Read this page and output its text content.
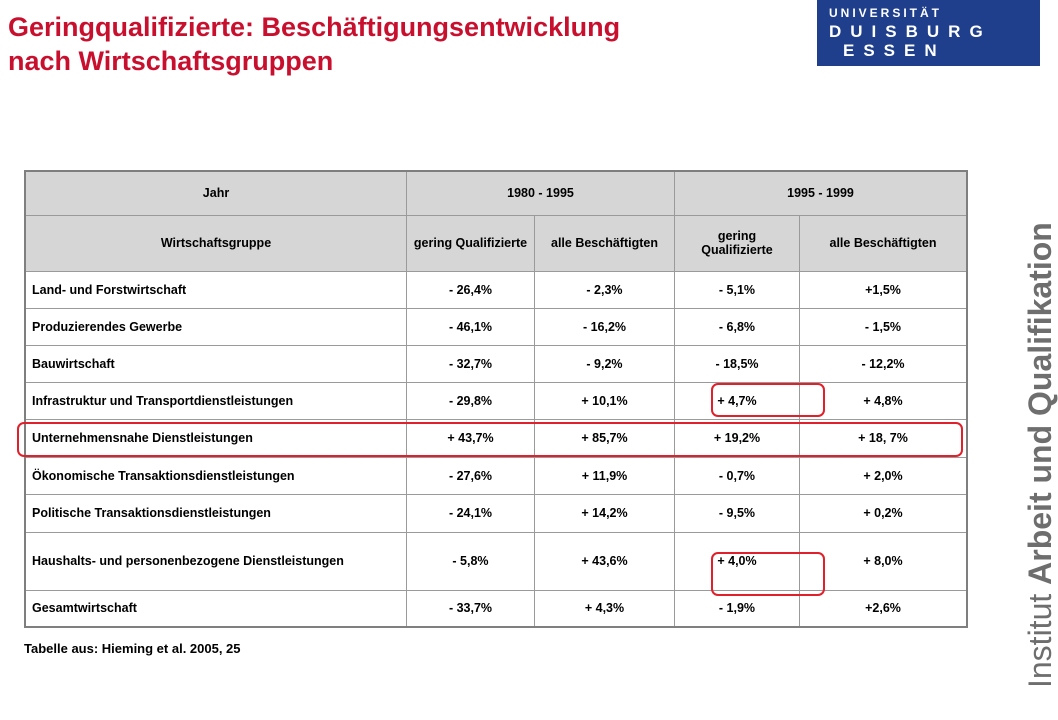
Geringqualifizierte: Beschäftigungsentwicklung
nach Wirtschaftsgruppen
UNIVERSITÄT
DUISBURG
ESSEN
Institut Arbeit und Qualifikation
Jahr	1980 - 1995		1995 - 1999	
Wirtschaftsgruppe	gering Qualifizierte	alle Beschäftigten	gering Qualifizierte	alle Beschäftigten
Land- und Forstwirtschaft	- 26,4%	- 2,3%	- 5,1%	+1,5%
Produzierendes Gewerbe	- 46,1%	- 16,2%	- 6,8%	- 1,5%
Bauwirtschaft	- 32,7%	- 9,2%	- 18,5%	- 12,2%
Infrastruktur und Transportdienstleistungen	- 29,8%	+ 10,1%	+ 4,7%	+ 4,8%
Unternehmensnahe Dienstleistungen	+ 43,7%	+ 85,7%	+ 19,2%	+ 18, 7%
Ökonomische Transaktionsdienstleistungen	- 27,6%	+ 11,9%	- 0,7%	+ 2,0%
Politische Transaktionsdienstleistungen	- 24,1%	+ 14,2%	- 9,5%	+ 0,2%
Haushalts- und personenbezogene Dienstleistungen	- 5,8%	+ 43,6%	+ 4,0%	+ 8,0%
Gesamtwirtschaft	- 33,7%	+ 4,3%	- 1,9%	+2,6%
Tabelle aus: Hieming et al. 2005, 25
